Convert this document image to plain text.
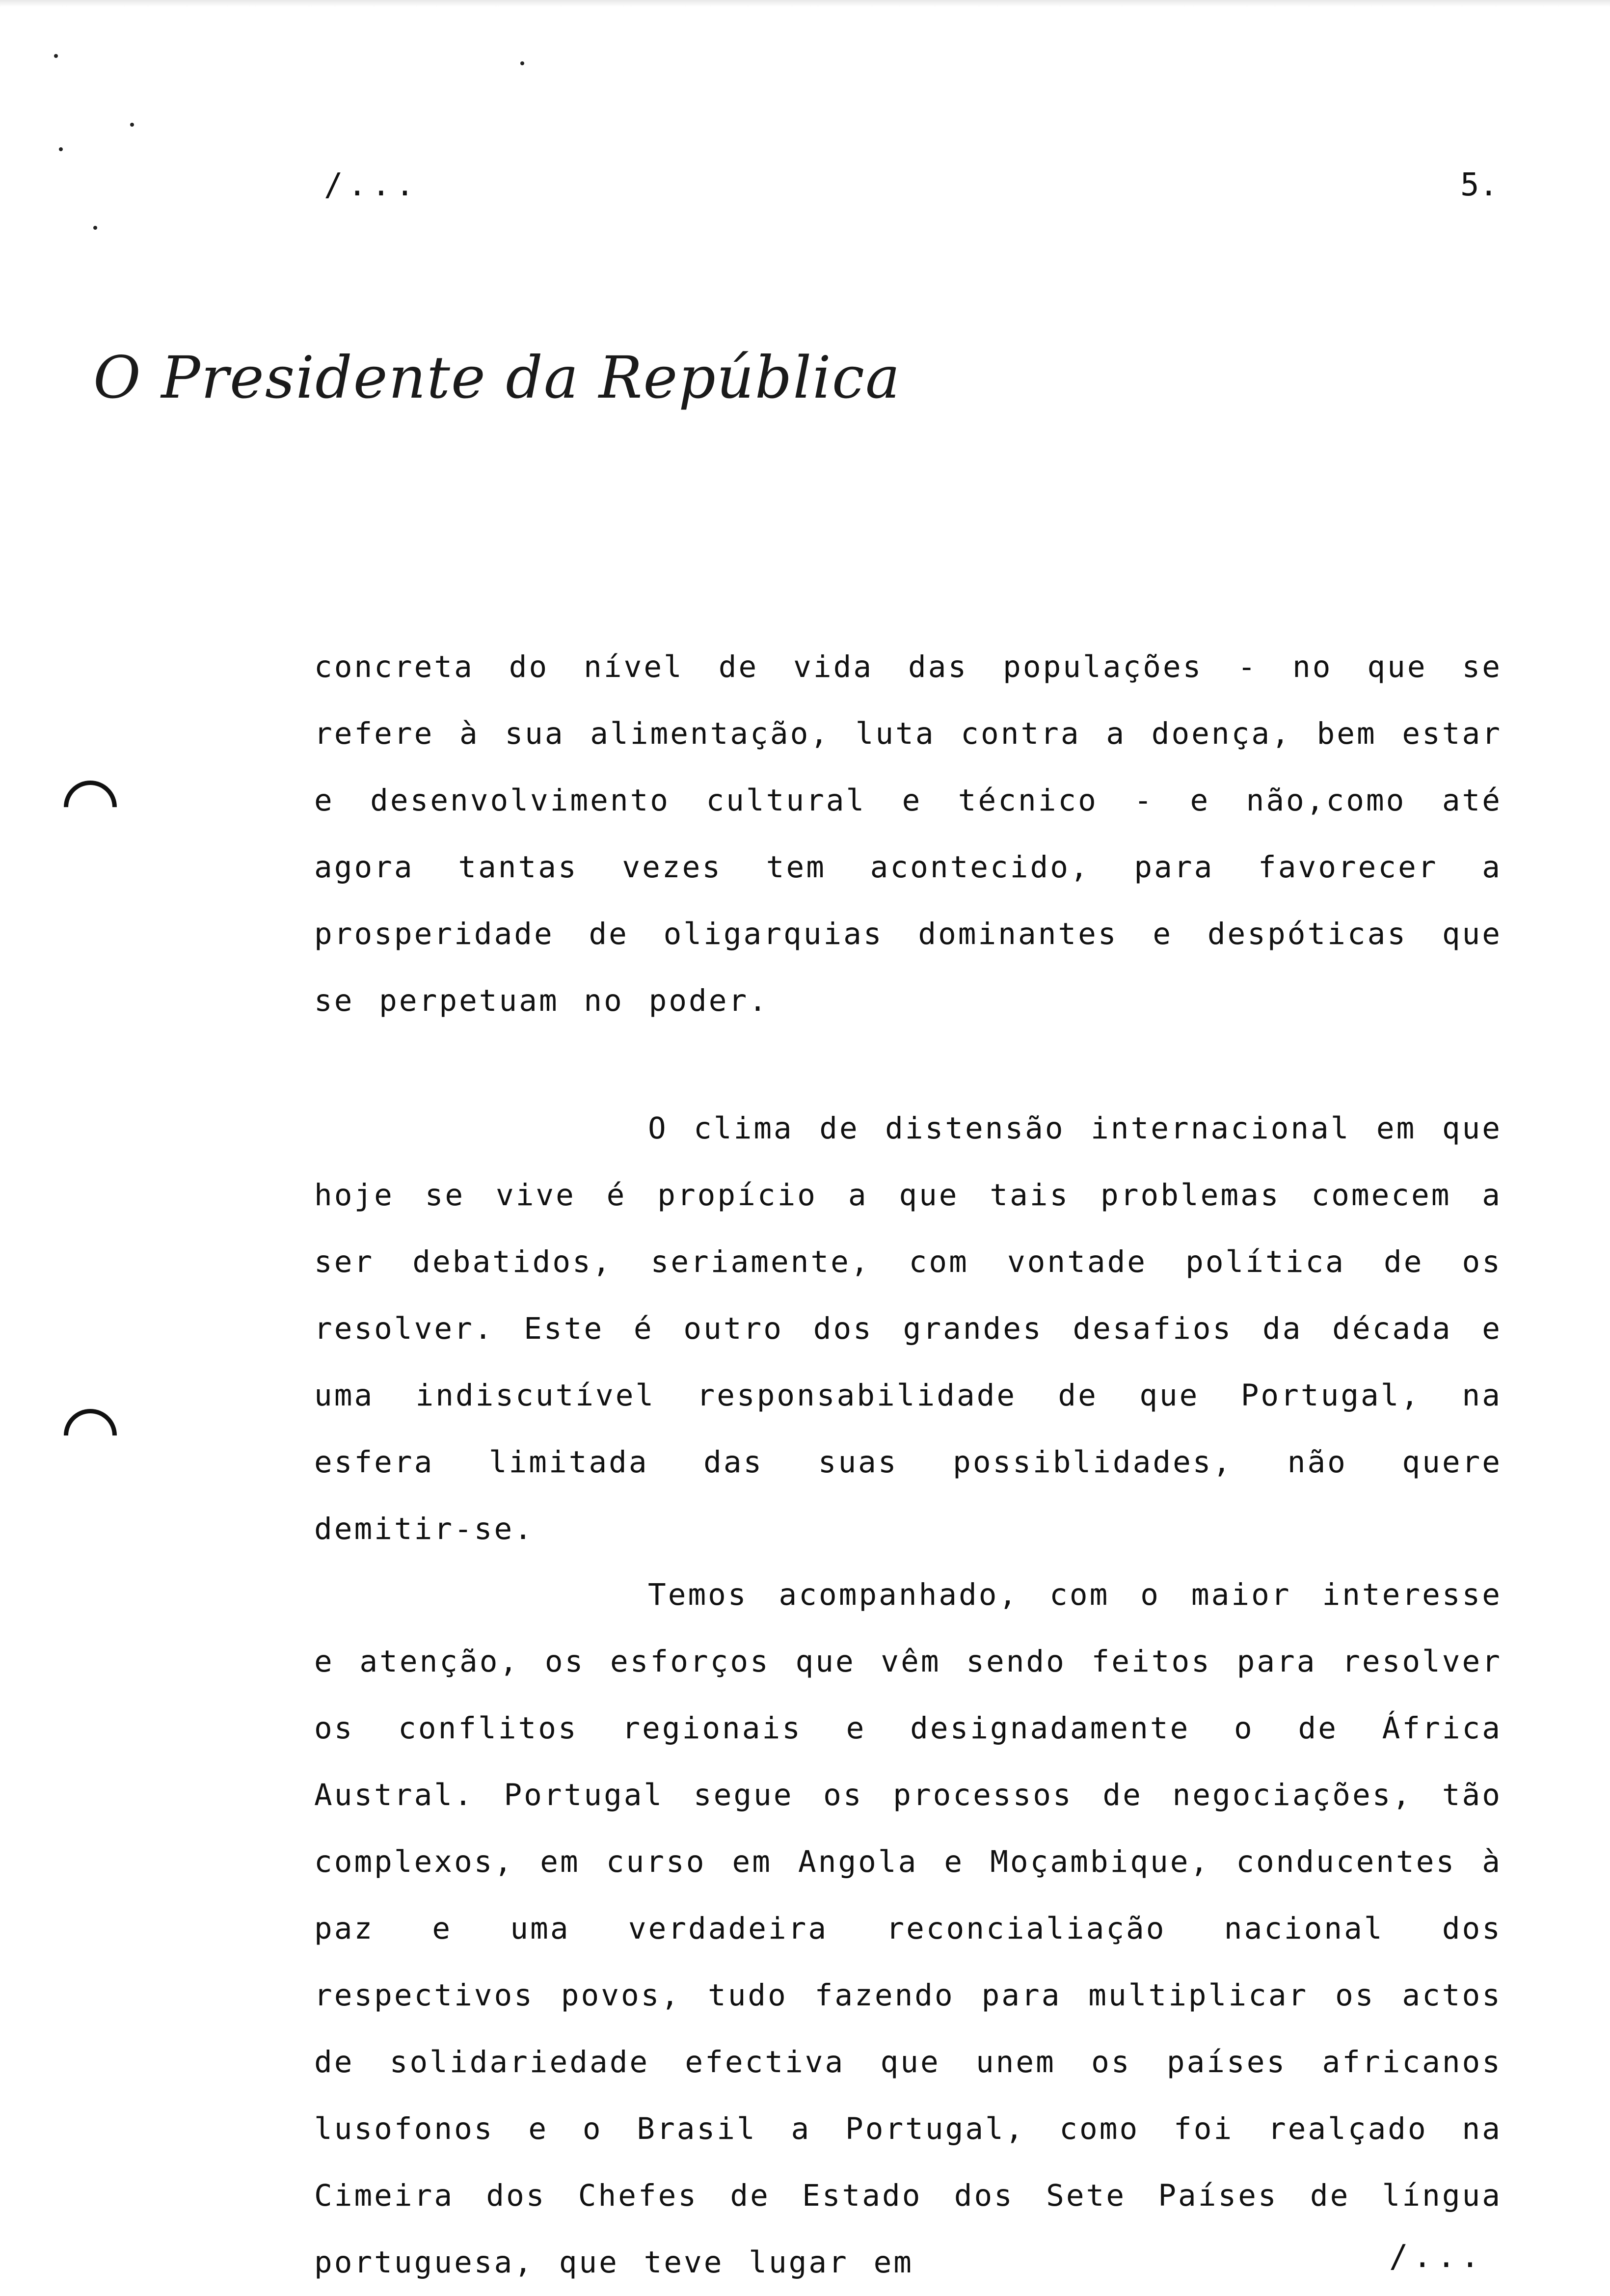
/...	5.
O Presidente da República

concreta do nível de vida das populações - no que se refere à sua alimentação, luta contra a doença, bem estar e desenvolvimento cultural e técnico - e não,como até agora tantas vezes tem acontecido, para favorecer a prosperidade de oligarquias dominantes e despóticas que se perpetuam no poder.

O clima de distensão internacional em que hoje se vive é propício a que tais problemas comecem a ser debatidos, seriamente, com vontade política de os resolver. Este é outro dos grandes desafios da década e uma indiscutível responsabilidade de que Portugal, na esfera limitada das suas possiblidades, não quere demitir-se.

Temos acompanhado, com o maior interesse e atenção, os esforços que vêm sendo feitos para resolver os conflitos regionais e designadamente o de África Austral. Portugal segue os processos de negociações, tão complexos, em curso em Angola e Moçambique, conducentes à paz e uma verdadeira reconcialiação nacional dos respectivos povos, tudo fazendo para multiplicar os actos de solidariedade efectiva que unem os países africanos lusofonos e o Brasil a Portugal, como foi realçado na Cimeira dos Chefes de Estado dos Sete Países de língua portuguesa, que teve lugar em	/...
